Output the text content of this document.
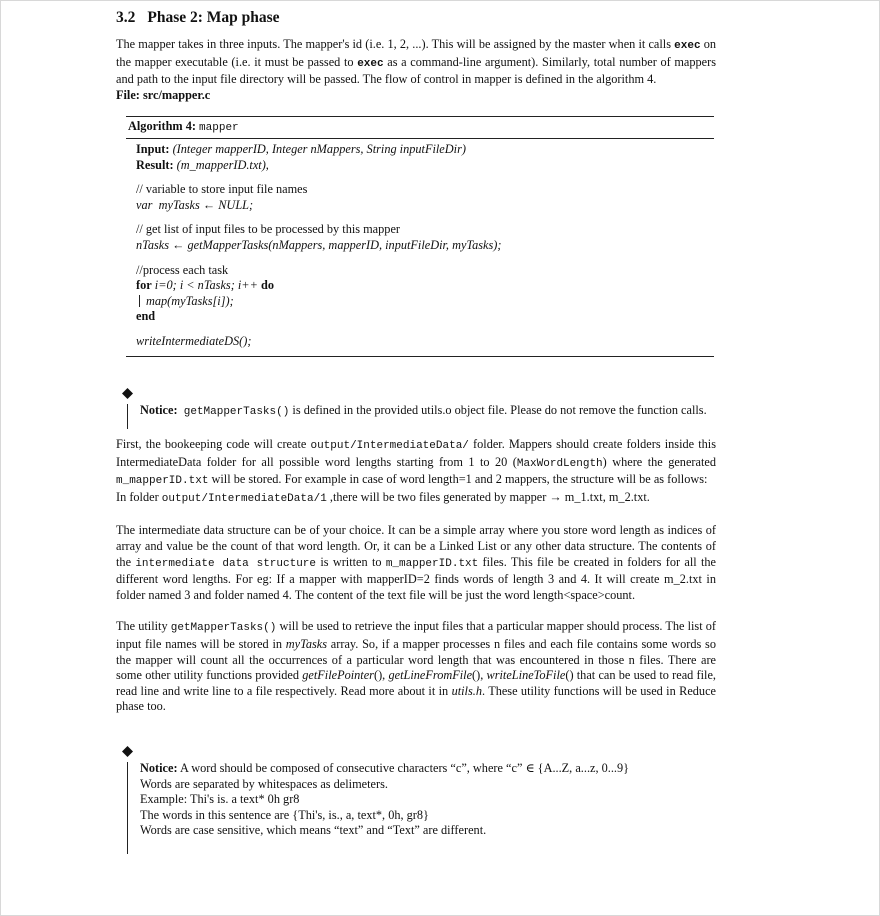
3.2 Phase 2: Map phase

The mapper takes in three inputs. The mapper's id (i.e. 1, 2, ...). This will be assigned by the master when it calls exec on the mapper executable (i.e. it must be passed to exec as a command-line argument). Similarly, total number of mappers and path to the input file directory will be passed. The flow of control in mapper is defined in the algorithm 4.

File: src/mapper.c
Algorithm 4: mapper
Input: (Integer mapperID, Integer nMappers, String inputFileDir)
Result: (m_mapperID.txt),
// variable to store input file names
var myTasks ← NULL;
// get list of input files to be processed by this mapper
nTasks ← getMapperTasks(nMappers, mapperID, inputFileDir, myTasks);
//process each task
for i=0; i < nTasks; i++ do
map(myTasks[i]);
end
writeIntermediateDS();

Notice: getMapperTasks() is defined in the provided utils.o object file. Please do not remove the function calls.

First, the bookeeping code will create output/IntermediateData/ folder. Mappers should create folders inside this IntermediateData folder for all possible word lengths starting from 1 to 20 (MaxWordLength) where the generated m_mapperID.txt will be stored. For example in case of word length=1 and 2 mappers, the structure will be as follows:
In folder output/IntermediateData/1 ,there will be two files generated by mapper → m_1.txt, m_2.txt.

The intermediate data structure can be of your choice. It can be a simple array where you store word length as indices of array and value be the count of that word length. Or, it can be a Linked List or any other data structure. The contents of the intermediate data structure is written to m_mapperID.txt files. This file be created in folders for all the different word lengths. For eg: If a mapper with mapperID=2 finds words of length 3 and 4. It will create m_2.txt in folder named 3 and folder named 4. The content of the text file will be just the word length<space>count.

The utility getMapperTasks() will be used to retrieve the input files that a particular mapper should process. The list of input file names will be stored in myTasks array. So, if a mapper processes n files and each file contains some words so the mapper will count all the occurrences of a particular word length that was encountered in those n files. There are some other utility functions provided getFilePointer(), getLineFromFile(), writeLineToFile() that can be used to read file, read line and write line to a file respectively. Read more about it in utils.h. These utility functions will be used in Reduce phase too.

Notice: A word should be composed of consecutive characters “c”, where “c” ∈ {A...Z, a...z, 0...9}
Words are separated by whitespaces as delimeters.
Example: Thi's is. a text* 0h gr8
The words in this sentence are {Thi's, is., a, text*, 0h, gr8}
Words are case sensitive, which means “text” and “Text” are different.
